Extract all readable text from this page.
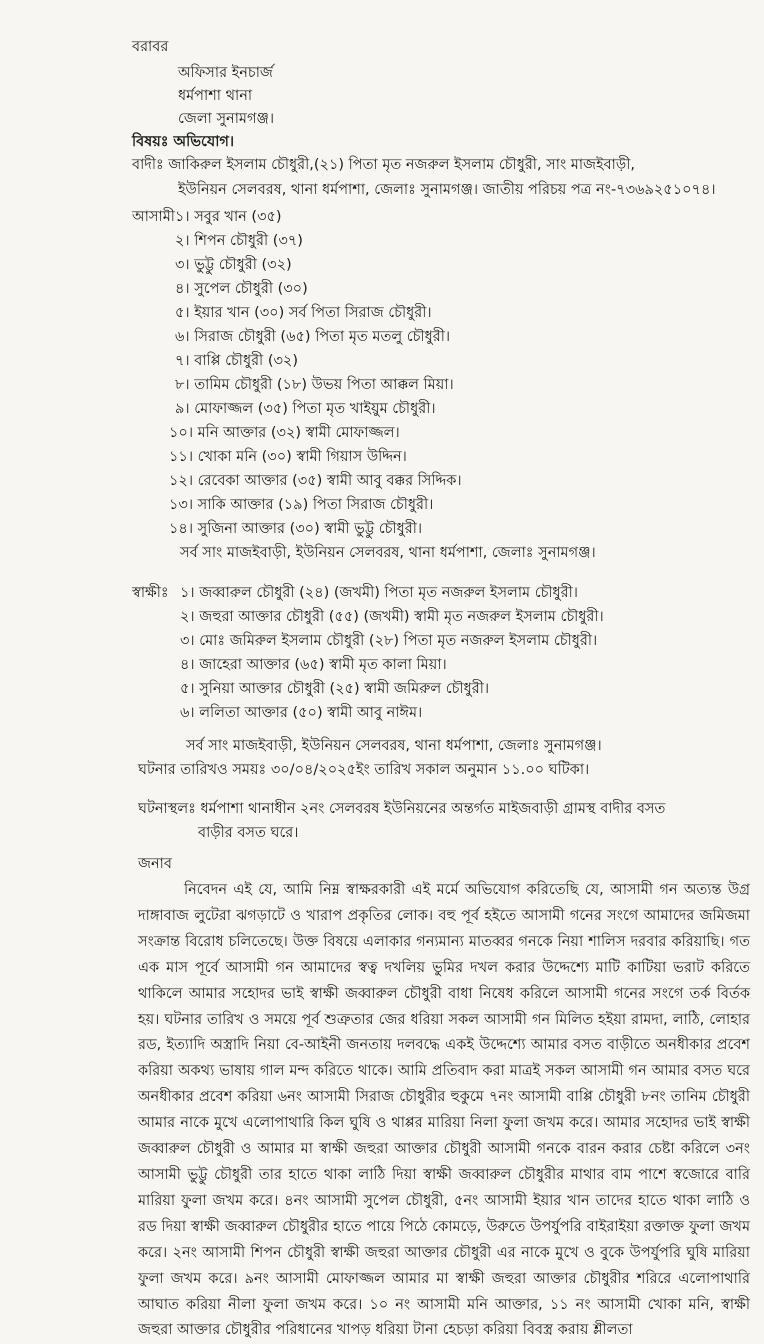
বরাবর
অফিসার ইনচার্জ
ধর্মপাশা থানা
জেলা সুনামগঞ্জ।
বিষয়ঃ অভিযোগ।
বাদীঃ জাকিরুল ইসলাম চৌধুরী,(২১) পিতা মৃত নজরুল ইসলাম চৌধুরী, সাং মাজইবাড়ী,
ইউনিয়ন সেলবরষ, থানা ধর্মপাশা, জেলাঃ সুনামগঞ্জ। জাতীয় পরিচয় পত্র নং-৭৩৬৯২৫১০৭৪।
আসামী ১। সবুর খান (৩৫)
২। শিপন চৌধুরী (৩৭)
৩। ভুট্টু চৌধুরী (৩২)
৪। সুপেল চৌধুরী (৩০)
৫। ইয়ার খান (৩০) সর্ব পিতা সিরাজ চৌধুরী।
৬। সিরাজ চৌধুরী (৬৫) পিতা মৃত মতলু চৌধুরী।
৭। বাপ্পি চৌধুরী (৩২)
৮। তামিম চৌধুরী (১৮) উভয় পিতা আক্কল মিয়া।
৯। মোফাজ্জল (৩৫) পিতা মৃত খাইয়ুম চৌধুরী।
১০। মনি আক্তার (৩২) স্বামী মোফাজ্জল।
১১। খোকা মনি (৩০) স্বামী গিয়াস উদ্দিন।
১২। রেবেকা আক্তার (৩৫) স্বামী আবু বক্কর সিদ্দিক।
১৩। সাকি আক্তার (১৯) পিতা সিরাজ চৌধুরী।
১৪। সুজিনা আক্তার (৩০) স্বামী ভুট্টু চৌধুরী।
সর্ব সাং মাজইবাড়ী, ইউনিয়ন সেলবরষ, থানা ধর্মপাশা, জেলাঃ সুনামগঞ্জ।
স্বাক্ষীঃ ১। জব্বারুল চৌধুরী (২৪) (জখমী) পিতা মৃত নজরুল ইসলাম চৌধুরী।
২। জহুরা আক্তার চৌধুরী (৫৫) (জখমী) স্বামী মৃত নজরুল ইসলাম চৌধুরী।
৩। মোঃ জমিরুল ইসলাম চৌধুরী (২৮) পিতা মৃত নজরুল ইসলাম চৌধুরী।
৪। জাহেরা আক্তার (৬৫) স্বামী মৃত কালা মিয়া।
৫। সুনিয়া আক্তার চৌধুরী (২৫) স্বামী জমিরুল চৌধুরী।
৬। ললিতা আক্তার (৫০) স্বামী আবু নাঈম।
সর্ব সাং মাজইবাড়ী, ইউনিয়ন সেলবরষ, থানা ধর্মপাশা, জেলাঃ সুনামগঞ্জ।
ঘটনার তারিখও সময়ঃ ৩০/০৪/২০২৫ইং তারিখ সকাল অনুমান ১১.০০ ঘটিকা।
ঘটনাস্থলঃ ধর্মপাশা থানাধীন ২নং সেলবরষ ইউনিয়নের অন্তর্গত মাইজবাড়ী গ্রামস্থ বাদীর বসত
বাড়ীর বসত ঘরে।
জনাব

নিবেদন এই যে, আমি নিম্ন স্বাক্ষরকারী এই মর্মে অভিযোগ করিতেছি যে, আসামী গন অত্যন্ত উগ্র দাঙ্গাবাজ লুটেরা ঝগড়াটে ও খারাপ প্রকৃতির লোক। বহু পূর্ব হইতে আসামী গনের সংগে আমাদের জমিজমা সংক্রান্ত বিরোধ চলিতেছে। উক্ত বিষয়ে এলাকার গন্যমান্য মাতব্বর গনকে নিয়া শালিস দরবার করিয়াছি। গত এক মাস পূর্বে আসামী গন আমাদের স্বত্ব দখলিয় ভুমির দখল করার উদ্দেশ্যে মাটি কাটিয়া ভরাট করিতে থাকিলে আমার সহোদর ভাই স্বাক্ষী জব্বারুল চৌধুরী বাধা নিষেধ করিলে আসামী গনের সংগে তর্ক বির্তক হয়। ঘটনার তারিখ ও সময়ে পূর্ব শুত্রুতার জের ধরিয়া সকল আসামী গন মিলিত হইয়া রামদা, লাঠি, লোহার রড, ইত্যাদি অস্ত্রাদি নিয়া বে-আইনী জনতায় দলবদ্ধে একই উদ্দেশ্যে আমার বসত বাড়ীতে অনধীকার প্রবেশ করিয়া অকথ্য ভাষায় গাল মন্দ করিতে থাকে। আমি প্রতিবাদ করা মাত্রই সকল আসামী গন আমার বসত ঘরে অনধীকার প্রবেশ করিয়া ৬নং আসামী সিরাজ চৌধুরীর হুকুমে ৭নং আসামী বাপ্পি চৌধুরী ৮নং তানিম চৌধুরী আমার নাকে মুখে এলোপাথারি কিল ঘুষি ও থাপ্পর মারিয়া নিলা ফুলা জখম করে। আমার সহোদর ভাই স্বাক্ষী জব্বারুল চৌধুরী ও আমার মা স্বাক্ষী জহুরা আক্তার চৌধুরী আসামী গনকে বারন করার চেষ্টা করিলে ৩নং আসামী ভুট্টু চৌধুরী তার হাতে থাকা লাঠি দিয়া স্বাক্ষী জব্বারুল চৌধুরীর মাথার বাম পাশে স্বজোরে বারি মারিয়া ফুলা জখম করে। ৪নং আসামী সুপেল চৌধুরী, ৫নং আসামী ইয়ার খান তাদের হাতে থাকা লাঠি ও রড দিয়া স্বাক্ষী জব্বারুল চৌধুরীর হাতে পায়ে পিঠে কোমড়ে, উরুতে উপর্যুপরি বাইরাইয়া রক্তাক্ত ফুলা জখম করে। ২নং আসামী শিপন চৌধুরী স্বাক্ষী জহুরা আক্তার চৌধুরী এর নাকে মুখে ও বুকে উপর্যুপরি ঘুষি মারিয়া ফুলা জখম করে। ৯নং আসামী মোফাজ্জল আমার মা স্বাক্ষী জহুরা আক্তার চৌধুরীর শরিরে এলোপাথারি আঘাত করিয়া নীলা ফুলা জখম করে। ১০ নং আসামী মনি আক্তার, ১১ নং আসামী খোকা মনি, স্বাক্ষী জহুরা আক্তার চৌধুরীর পরিধানের খাপড় ধরিয়া টানা হেচড়া করিয়া বিবস্ত্র করায় শ্লীলতা
